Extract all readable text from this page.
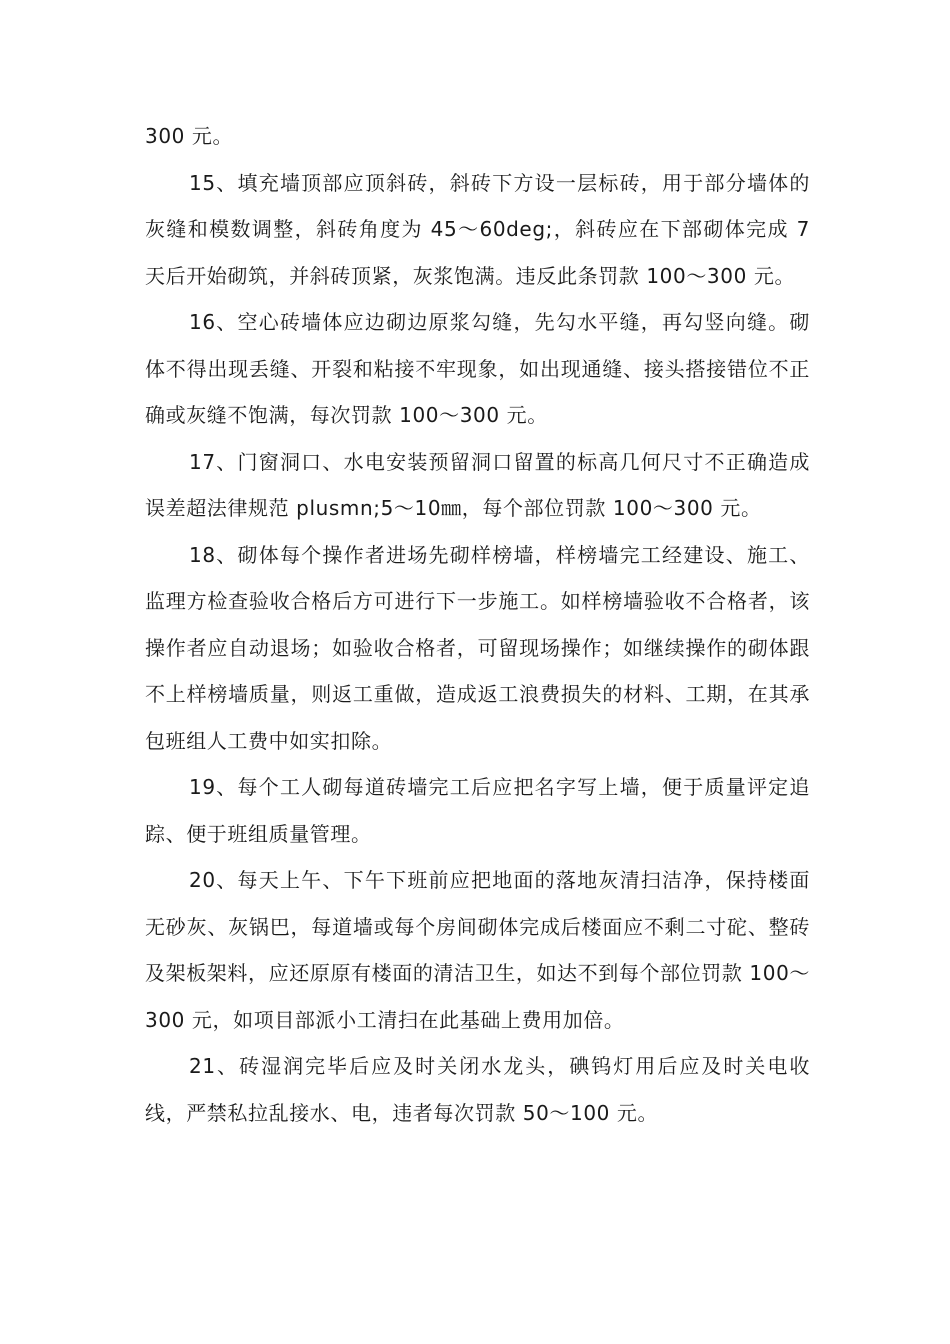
300 元。

15、填充墙顶部应顶斜砖，斜砖下方设一层标砖，用于部分墙体的灰缝和模数调整，斜砖角度为 45～60deg;，斜砖应在下部砌体完成 7 天后开始砌筑，并斜砖顶紧，灰浆饱满。违反此条罚款 100～300 元。

16、空心砖墙体应边砌边原浆勾缝，先勾水平缝，再勾竖向缝。砌体不得出现丢缝、开裂和粘接不牢现象，如出现通缝、接头搭接错位不正确或灰缝不饱满，每次罚款 100～300 元。

17、门窗洞口、水电安装预留洞口留置的标高几何尺寸不正确造成误差超法律规范 plusmn;5～10㎜，每个部位罚款 100～300 元。

18、砌体每个操作者进场先砌样榜墙，样榜墙完工经建设、施工、监理方检查验收合格后方可进行下一步施工。如样榜墙验收不合格者，该操作者应自动退场；如验收合格者，可留现场操作；如继续操作的砌体跟不上样榜墙质量，则返工重做，造成返工浪费损失的材料、工期，在其承包班组人工费中如实扣除。

19、每个工人砌每道砖墙完工后应把名字写上墙，便于质量评定追踪、便于班组质量管理。

20、每天上午、下午下班前应把地面的落地灰清扫洁净，保持楼面无砂灰、灰锅巴，每道墙或每个房间砌体完成后楼面应不剩二寸砣、整砖及架板架料，应还原原有楼面的清洁卫生，如达不到每个部位罚款 100～300 元，如项目部派小工清扫在此基础上费用加倍。

21、砖湿润完毕后应及时关闭水龙头，碘钨灯用后应及时关电收线，严禁私拉乱接水、电，违者每次罚款 50～100 元。
